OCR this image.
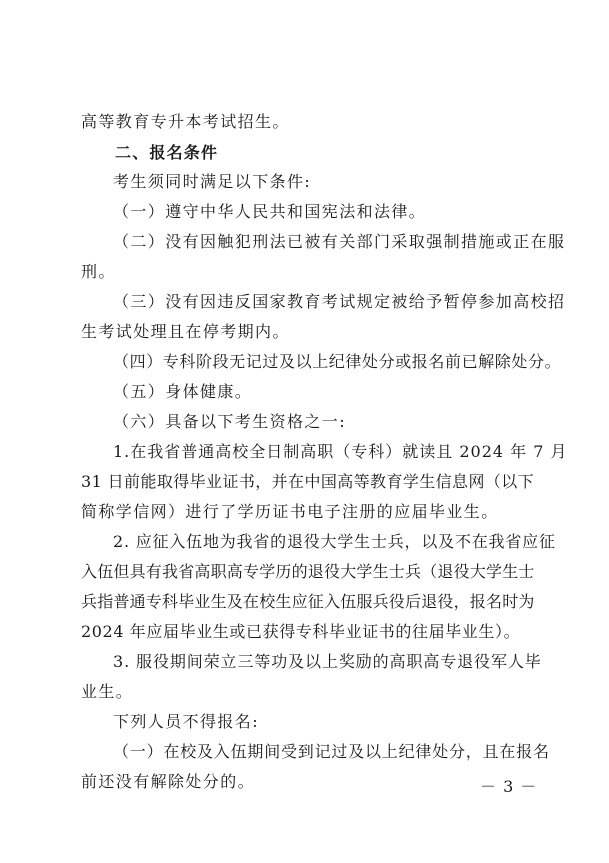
高等教育专升本考试招生。
二、报名条件
考生须同时满足以下条件:
（一）遵守中华人民共和国宪法和法律。
（二）没有因触犯刑法已被有关部门采取强制措施或正在服
刑。
（三）没有因违反国家教育考试规定被给予暂停参加高校招
生考试处理且在停考期内。
（四）专科阶段无记过及以上纪律处分或报名前已解除处分。
（五）身体健康。
（六）具备以下考生资格之一:
1.在我省普通高校全日制高职（专科）就读且 2024 年 7 月
31 日前能取得毕业证书，并在中国高等教育学生信息网（以下
简称学信网）进行了学历证书电子注册的应届毕业生。
2. 应征入伍地为我省的退役大学生士兵，以及不在我省应征
入伍但具有我省高职高专学历的退役大学生士兵（退役大学生士
兵指普通专科毕业生及在校生应征入伍服兵役后退役，报名时为
2024 年应届毕业生或已获得专科毕业证书的往届毕业生）。
3. 服役期间荣立三等功及以上奖励的高职高专退役军人毕
业生。
下列人员不得报名:
（一）在校及入伍期间受到记过及以上纪律处分，且在报名
前还没有解除处分的。	－ 3 －
